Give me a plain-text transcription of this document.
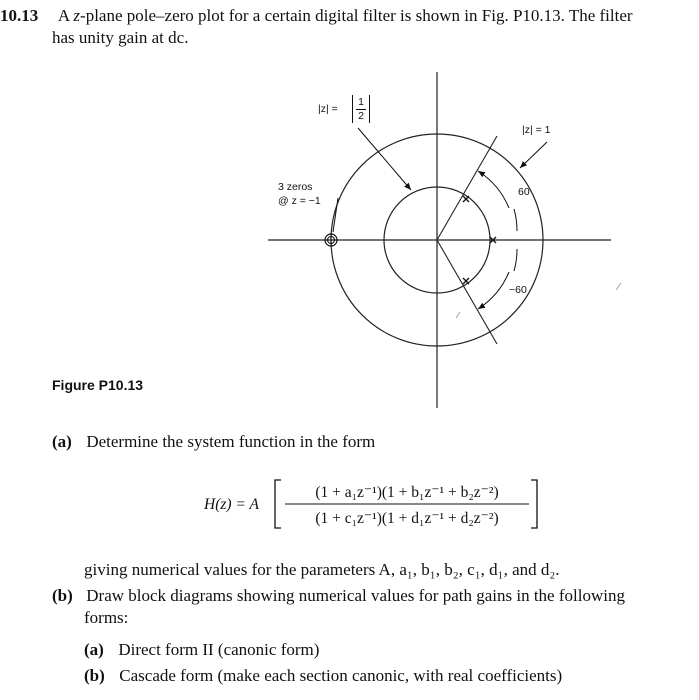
10.13 A z-plane pole–zero plot for a certain digital filter is shown in Fig. P10.13. The filter
has unity gain at dc.
|z| =
1
2
|z| = 1
3 zeros
@ z = −1
60
−60
Figure P10.13
(a) Determine the system function in the form
H(z) = A
(1 + a₁z⁻¹)(1 + b₁z⁻¹ + b₂z⁻²)
(1 + c₁z⁻¹)(1 + d₁z⁻¹ + d₂z⁻²)
giving numerical values for the parameters A, a₁, b₁, b₂, c₁, d₁, and d₂.
(b) Draw block diagrams showing numerical values for path gains in the following
forms:
(a) Direct form II (canonic form)
(b) Cascade form (make each section canonic, with real coefficients)
